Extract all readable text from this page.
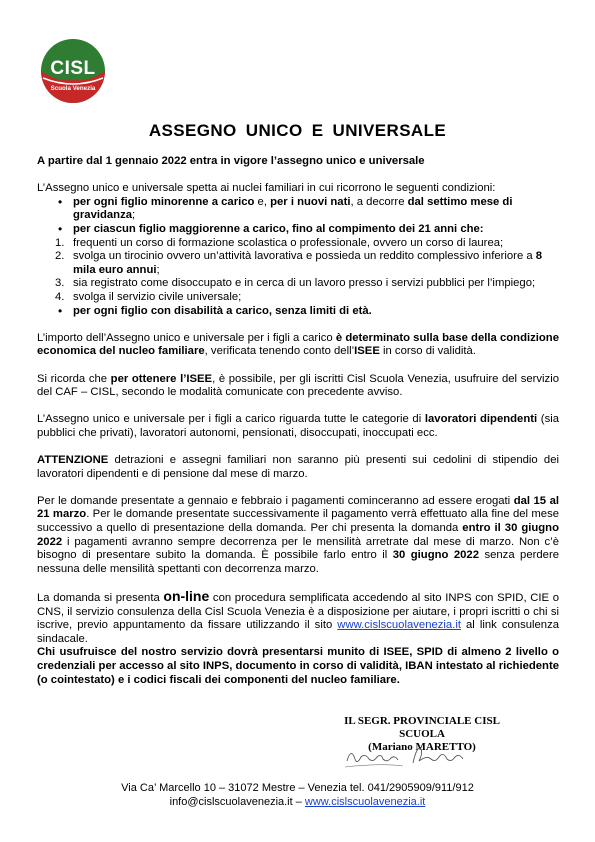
CISL
Scuola Venezia
ASSEGNO UNICO E UNIVERSALE

A partire dal 1 gennaio 2022 entra in vigore l’assegno unico e universale

L’Assegno unico e universale spetta ai nuclei familiari in cui ricorrono le seguenti condizioni:

• per ogni figlio minorenne a carico e, per i nuovi nati, a decorre dal settimo mese di gravidanza;
• per ciascun figlio maggiorenne a carico, fino al compimento dei 21 anni che:
1. frequenti un corso di formazione scolastica o professionale, ovvero un corso di laurea;
2. svolga un tirocinio ovvero un’attività lavorativa e possieda un reddito complessivo inferiore a 8 mila euro annui;
3. sia registrato come disoccupato e in cerca di un lavoro presso i servizi pubblici per l’impiego;
4. svolga il servizio civile universale;
• per ogni figlio con disabilità a carico, senza limiti di età.

L’importo dell’Assegno unico e universale per i figli a carico è determinato sulla base della condizione economica del nucleo familiare, verificata tenendo conto dell’ISEE in corso di validità.

Si ricorda che per ottenere l’ISEE, è possibile, per gli iscritti Cisl Scuola Venezia, usufruire del servizio del CAF – CISL, secondo le modalità comunicate con precedente avviso.

L’Assegno unico e universale per i figli a carico riguarda tutte le categorie di lavoratori dipendenti (sia pubblici che privati), lavoratori autonomi, pensionati, disoccupati, inoccupati ecc.

ATTENZIONE detrazioni e assegni familiari non saranno più presenti sui cedolini di stipendio dei lavoratori dipendenti e di pensione dal mese di marzo.

Per le domande presentate a gennaio e febbraio i pagamenti cominceranno ad essere erogati dal 15 al 21 marzo. Per le domande presentate successivamente il pagamento verrà effettuato alla fine del mese successivo a quello di presentazione della domanda. Per chi presenta la domanda entro il 30 giugno 2022 i pagamenti avranno sempre decorrenza per le mensilità arretrate dal mese di marzo. Non c’è bisogno di presentare subito la domanda. È possibile farlo entro il 30 giugno 2022 senza perdere nessuna delle mensilità spettanti con decorrenza marzo.

La domanda si presenta on-line con procedura semplificata accedendo al sito INPS con SPID, CIE o CNS, il servizio consulenza della Cisl Scuola Venezia è a disposizione per aiutare, i propri iscritti o chi si iscrive, previo appuntamento da fissare utilizzando il sito www.cislscuolavenezia.it al link consulenza sindacale.

Chi usufruisce del nostro servizio dovrà presentarsi munito di ISEE, SPID di almeno 2 livello o credenziali per accesso al sito INPS, documento in corso di validità, IBAN intestato al richiedente (o cointestato) e i codici fiscali dei componenti del nucleo familiare.

IL SEGR. PROVINCIALE CISL SCUOLA
(Mariano MARETTO)
Via Ca’ Marcello 10 – 31072 Mestre – Venezia tel. 041/2905909/911/912
info@cislscuolavenezia.it – www.cislscuolavenezia.it
